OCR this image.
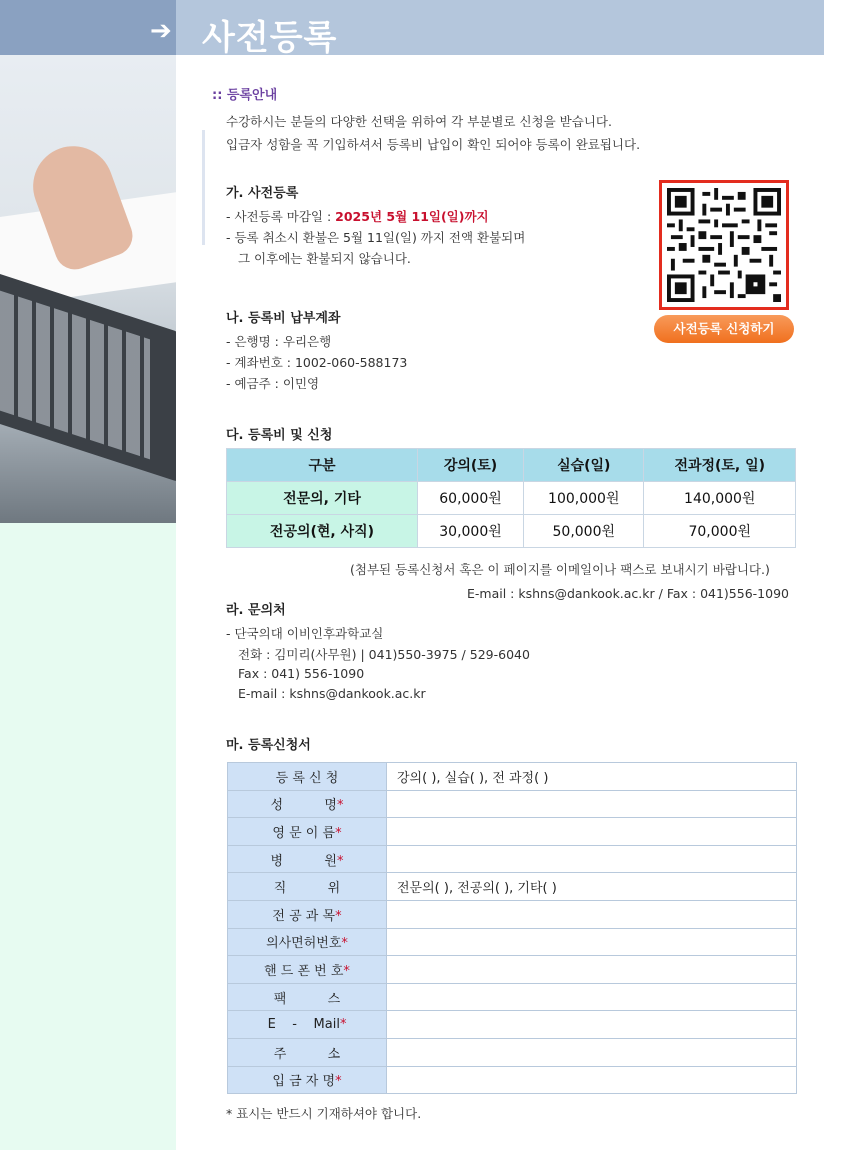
➔ 사전등록
:: 등록안내
수강하시는 분들의 다양한 선택을 위하여 각 부분별로 신청을 받습니다.
입금자 성함을 꼭 기입하셔서 등록비 납입이 확인 되어야 등록이 완료됩니다.
가. 사전등록
- 사전등록 마감일 : 2025년 5월 11일(일)까지
- 등록 취소시 환불은 5월 11일(일) 까지 전액 환불되며
그 이후에는 환불되지 않습니다.
사전등록 신청하기
나. 등록비 납부계좌
- 은행명 : 우리은행
- 계좌번호 : 1002-060-588173
- 예금주 : 이민영
다. 등록비 및 신청
구분	강의(토)	실습(일)	전과정(토, 일)
전문의, 기타	60,000원	100,000원	140,000원
전공의(현, 사직)	30,000원	50,000원	70,000원
(첨부된 등록신청서 혹은 이 페이지를 이메일이나 팩스로 보내시기 바랍니다.)
E-mail : kshns@dankook.ac.kr / Fax : 041)556-1090
라. 문의처
- 단국의대 이비인후과학교실
전화 : 김미리(사무원) | 041)550-3975 / 529-6040
Fax : 041) 556-1090
E-mail : kshns@dankook.ac.kr
마. 등록신청서
등 록 신 청	강의( ), 실습( ), 전 과정( )
성          명*	
영 문 이 름*	
병          원*	
직          위	전문의( ), 전공의( ), 기타( )
전 공 과 목*	
의사면허번호*	
핸 드 폰 번 호*	
팩          스	
E    -    Mail*	
주          소	
입 금 자 명*	
* 표시는 반드시 기재하셔야 합니다.
